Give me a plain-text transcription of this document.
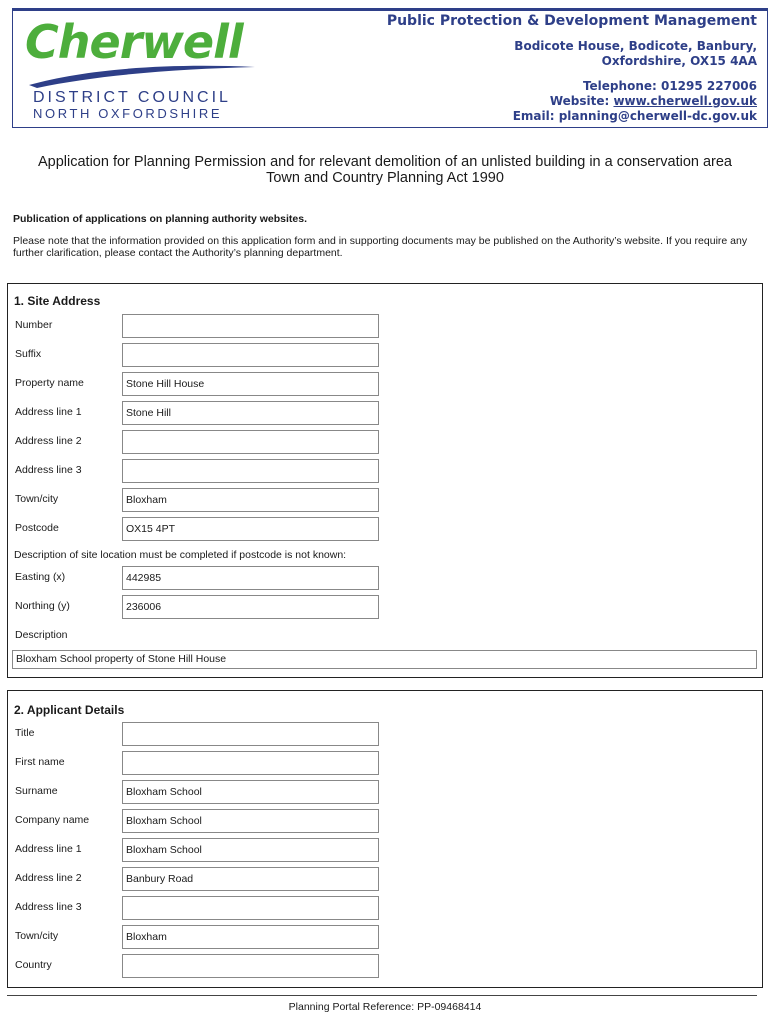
Cherwell
DISTRICT COUNCIL
NORTH OXFORDSHIRE
Public Protection & Development Management
Bodicote House, Bodicote, Banbury,
Oxfordshire, OX15 4AA
Telephone: 01295 227006
Website: www.cherwell.gov.uk
Email: planning@cherwell-dc.gov.uk
Application for Planning Permission and for relevant demolition of an unlisted building in a conservation area
Town and Country Planning Act 1990
Publication of applications on planning authority websites.
Please note that the information provided on this application form and in supporting documents may be published on the Authority’s website. If you require any further clarification, please contact the Authority’s planning department.
1. Site Address
Number
Suffix
Property name	Stone Hill House
Address line 1	Stone Hill
Address line 2
Address line 3
Town/city	Bloxham
Postcode	OX15 4PT
Description of site location must be completed if postcode is not known:
Easting (x)	442985
Northing (y)	236006
Description
Bloxham School property of Stone Hill House
2. Applicant Details
Title
First name
Surname	Bloxham School
Company name	Bloxham School
Address line 1	Bloxham School
Address line 2	Banbury Road
Address line 3
Town/city	Bloxham
Country
Planning Portal Reference: PP-09468414
